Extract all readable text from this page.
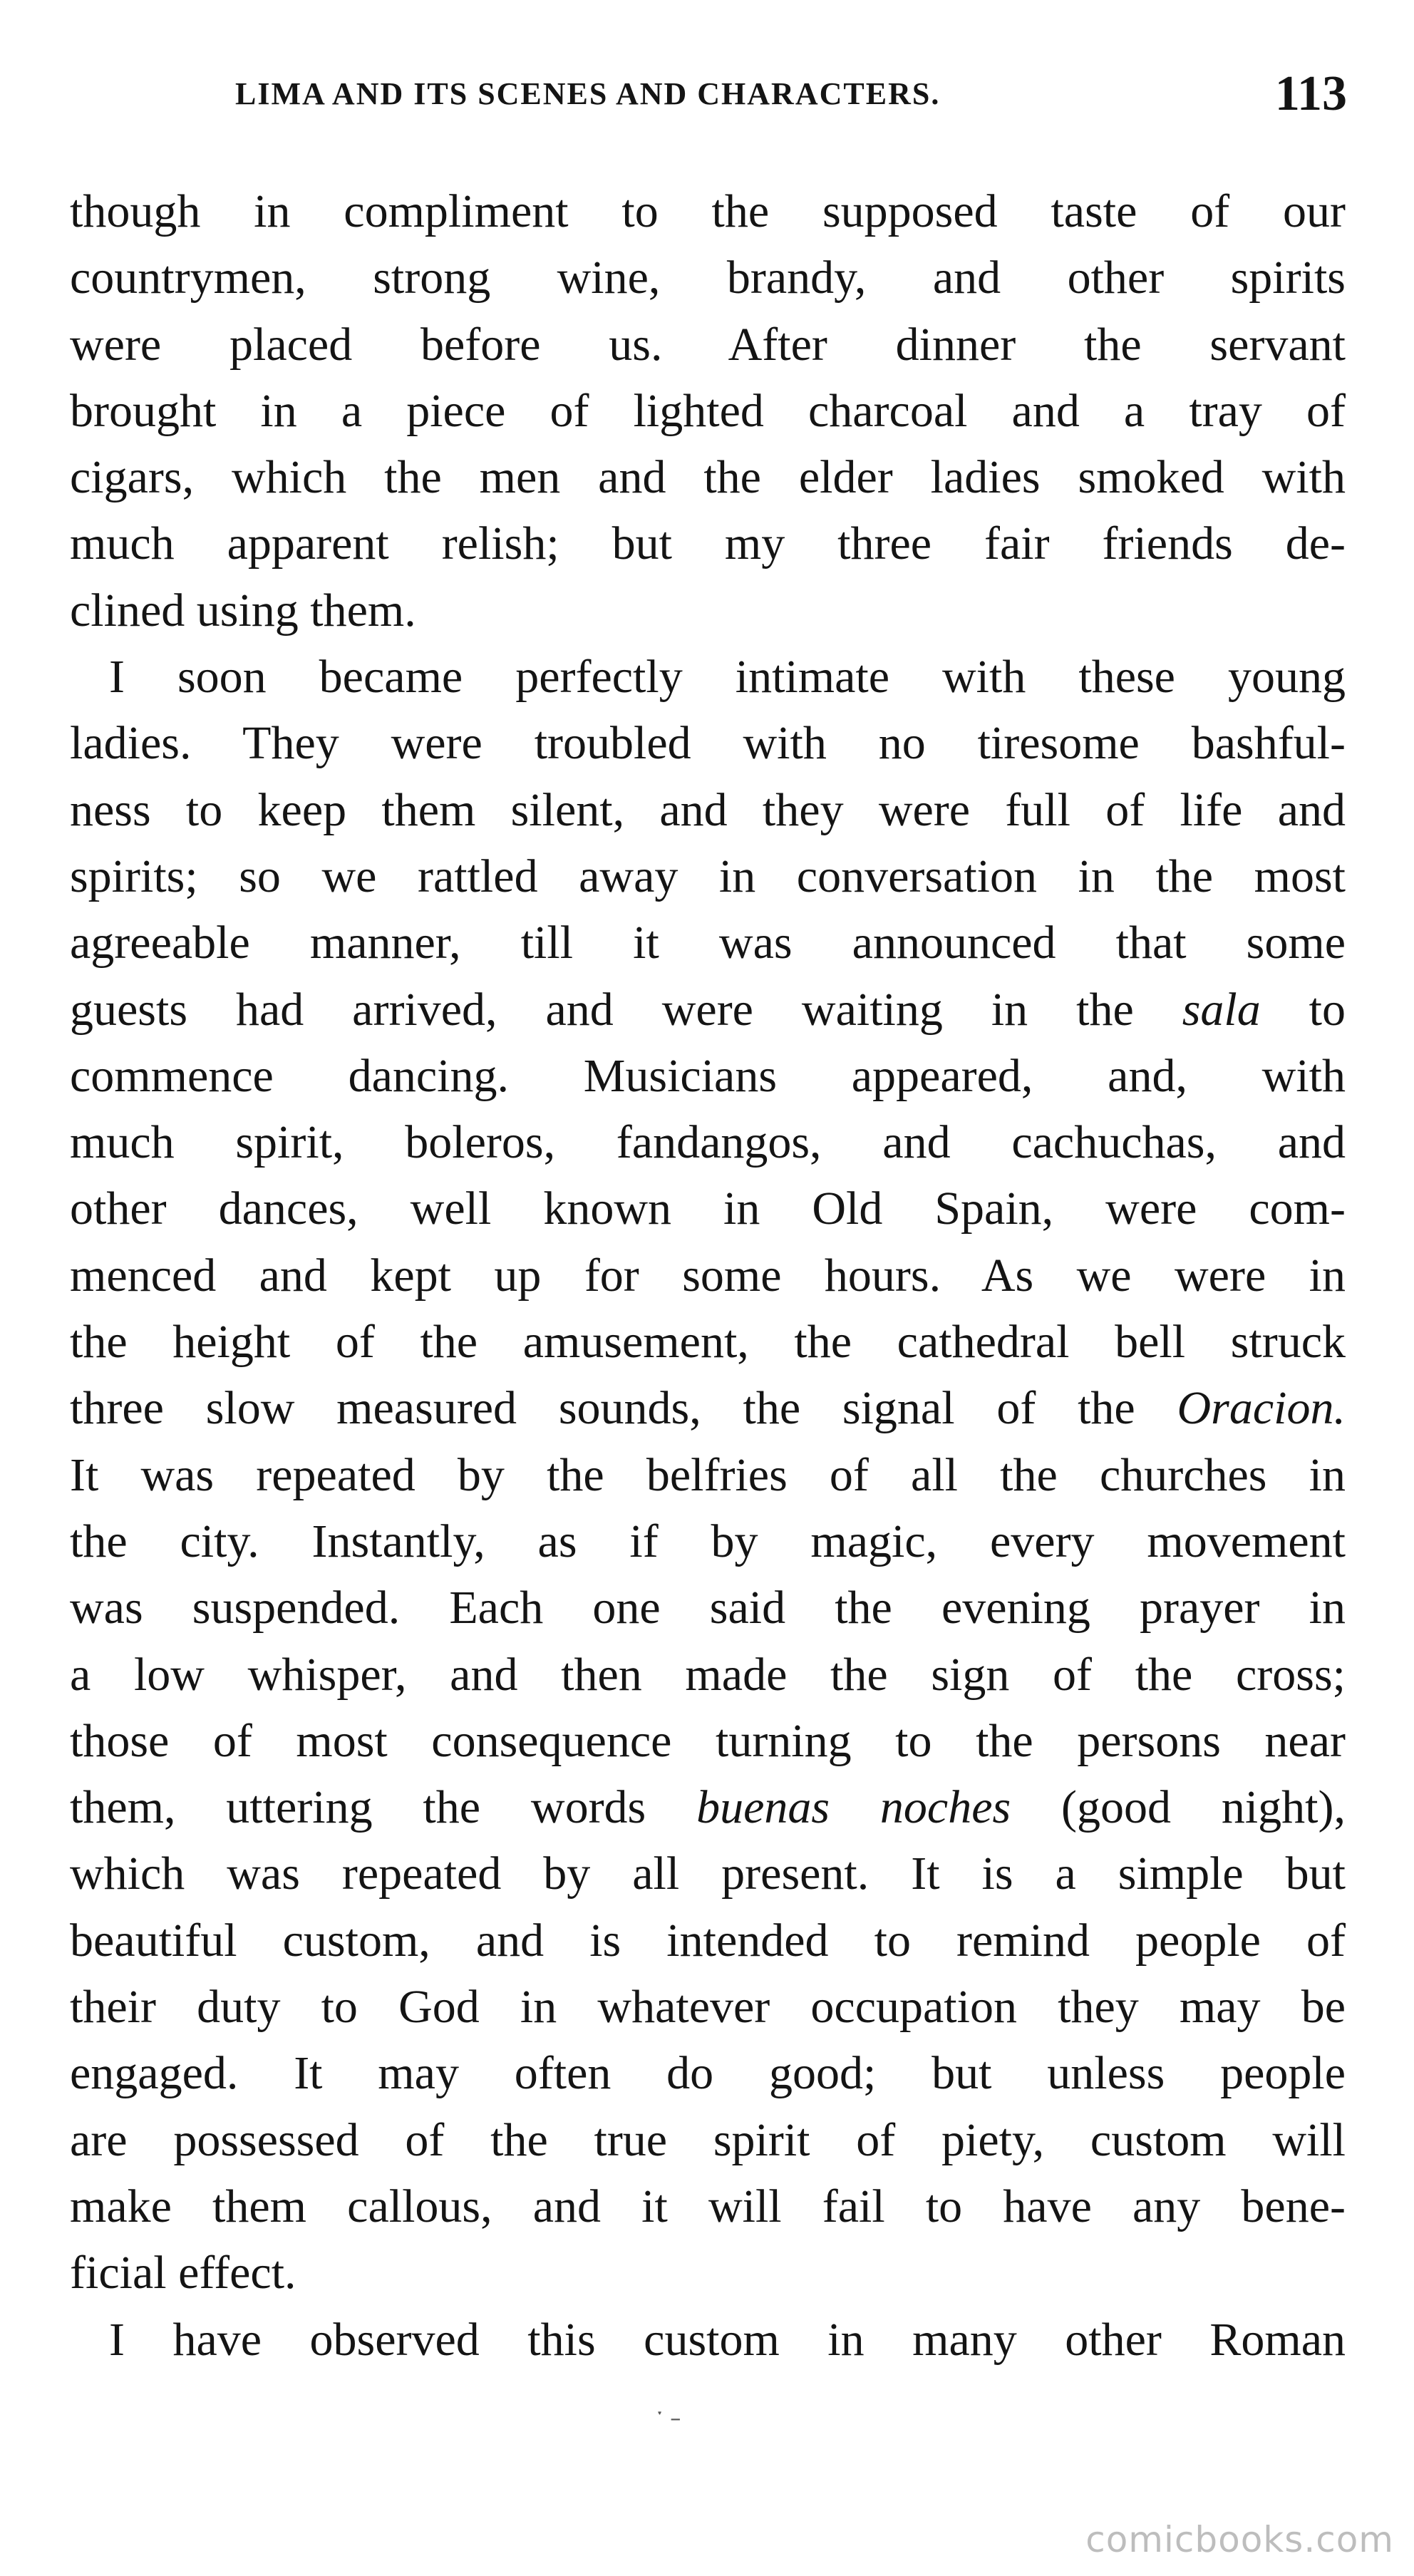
LIMA AND ITS SCENES AND CHARACTERS.	113
though in compliment to the supposed taste of our
countrymen, strong wine, brandy, and other spirits
were placed before us. After dinner the servant
brought in a piece of lighted charcoal and a tray of
cigars, which the men and the elder ladies smoked with
much apparent relish; but my three fair friends de-
clined using them.
I soon became perfectly intimate with these young
ladies. They were troubled with no tiresome bashful-
ness to keep them silent, and they were full of life and
spirits; so we rattled away in conversation in the most
agreeable manner, till it was announced that some
guests had arrived, and were waiting in the sala to
commence dancing. Musicians appeared, and, with
much spirit, boleros, fandangos, and cachuchas, and
other dances, well known in Old Spain, were com-
menced and kept up for some hours. As we were in
the height of the amusement, the cathedral bell struck
three slow measured sounds, the signal of the Oracion.
It was repeated by the belfries of all the churches in
the city. Instantly, as if by magic, every movement
was suspended. Each one said the evening prayer in
a low whisper, and then made the sign of the cross;
those of most consequence turning to the persons near
them, uttering the words buenas noches (good night),
which was repeated by all present. It is a simple but
beautiful custom, and is intended to remind people of
their duty to God in whatever occupation they may be
engaged. It may often do good; but unless people
are possessed of the true spirit of piety, custom will
make them callous, and it will fail to have any bene-
ficial effect.
I have observed this custom in many other Roman
ˑ ˗
comicbooks.com
